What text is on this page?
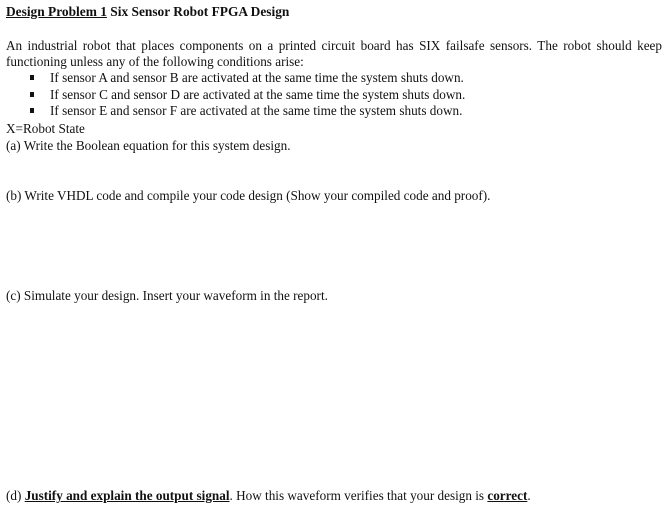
Design Problem 1 Six Sensor Robot FPGA Design
An industrial robot that places components on a printed circuit board has SIX failsafe sensors. The robot should keep functioning unless any of the following conditions arise:
If sensor A and sensor B are activated at the same time the system shuts down.
If sensor C and sensor D are activated at the same time the system shuts down.
If sensor E and sensor F are activated at the same time the system shuts down.
X=Robot State
(a) Write the Boolean equation for this system design.
(b) Write VHDL code and compile your code design (Show your compiled code and proof).
(c) Simulate your design. Insert your waveform in the report.
(d) Justify and explain the output signal. How this waveform verifies that your design is correct.
